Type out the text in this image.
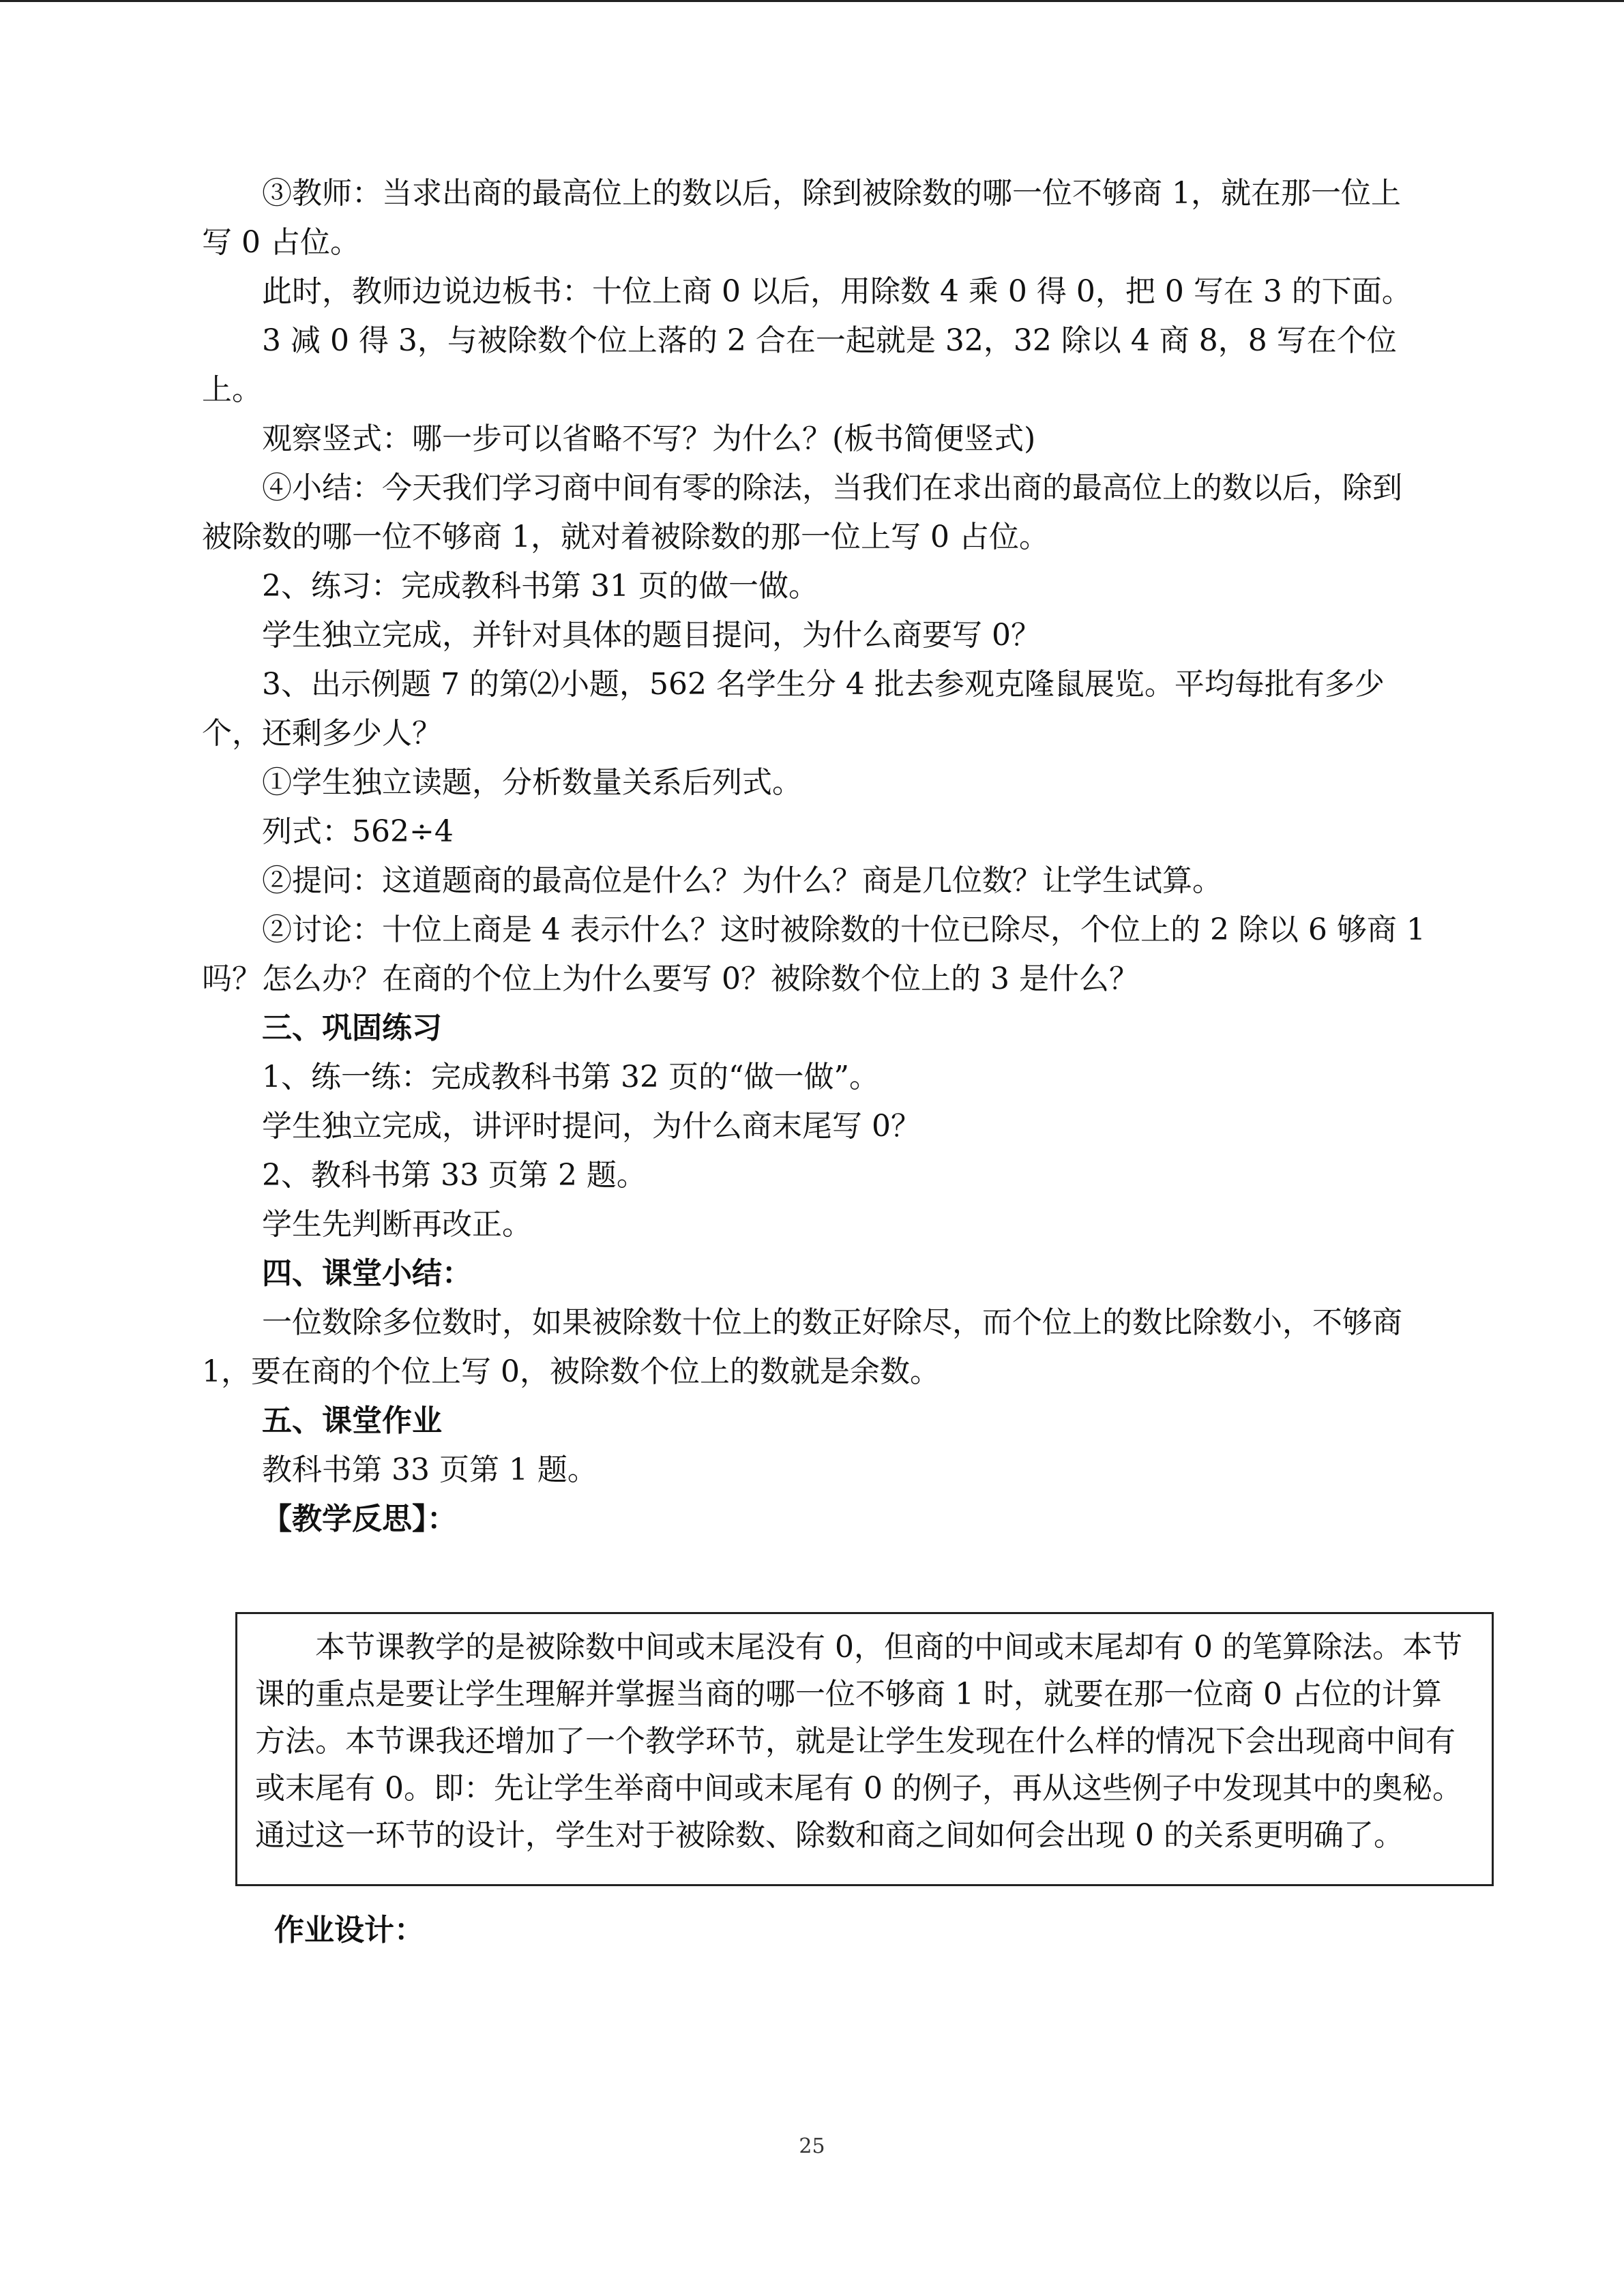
③教师：当求出商的最高位上的数以后，除到被除数的哪一位不够商 1，就在那一位上写 0 占位。

此时，教师边说边板书：十位上商 0 以后，用除数 4 乘 0 得 0，把 0 写在 3 的下面。

3 减 0 得 3，与被除数个位上落的 2 合在一起就是 32，32 除以 4 商 8，8 写在个位上。

观察竖式：哪一步可以省略不写？为什么？(板书简便竖式)

④小结：今天我们学习商中间有零的除法，当我们在求出商的最高位上的数以后，除到被除数的哪一位不够商 1，就对着被除数的那一位上写 0 占位。

2、练习：完成教科书第 31 页的做一做。

学生独立完成，并针对具体的题目提问，为什么商要写 0？

3、出示例题 7 的第⑵小题，562 名学生分 4 批去参观克隆鼠展览。平均每批有多少个，还剩多少人？

①学生独立读题，分析数量关系后列式。

列式：562÷4

②提问：这道题商的最高位是什么？为什么？商是几位数？让学生试算。

②讨论：十位上商是 4 表示什么？这时被除数的十位已除尽，个位上的 2 除以 6 够商 1 吗？怎么办？在商的个位上为什么要写 0？被除数个位上的 3 是什么？

三、巩固练习

1、练一练：完成教科书第 32 页的“做一做”。

学生独立完成，讲评时提问，为什么商末尾写 0？

2、教科书第 33 页第 2 题。

学生先判断再改正。

四、课堂小结：

一位数除多位数时，如果被除数十位上的数正好除尽，而个位上的数比除数小，不够商 1，要在商的个位上写 0，被除数个位上的数就是余数。

五、课堂作业

教科书第 33 页第 1 题。

【教学反思】：

本节课教学的是被除数中间或末尾没有 0，但商的中间或末尾却有 0 的笔算除法。本节课的重点是要让学生理解并掌握当商的哪一位不够商 1 时，就要在那一位商 0 占位的计算方法。本节课我还增加了一个教学环节，就是让学生发现在什么样的情况下会出现商中间有或末尾有 0。即：先让学生举商中间或末尾有 0 的例子，再从这些例子中发现其中的奥秘。通过这一环节的设计，学生对于被除数、除数和商之间如何会出现 0 的关系更明确了。

作业设计：
25
